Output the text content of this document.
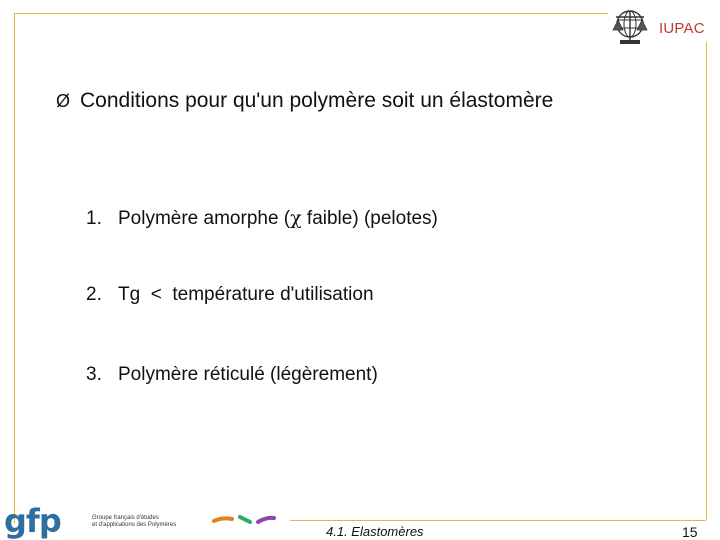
IUPAC
Ø Conditions pour qu'un polymère soit un élastomère
1. Polymère amorphe (χ faible) (pelotes)
2. Tg  <  température d'utilisation
3. Polymère réticulé (légèrement)
gfp	Groupe français d'études
et d'applications des Polymères	4.1. Elastomères	15
